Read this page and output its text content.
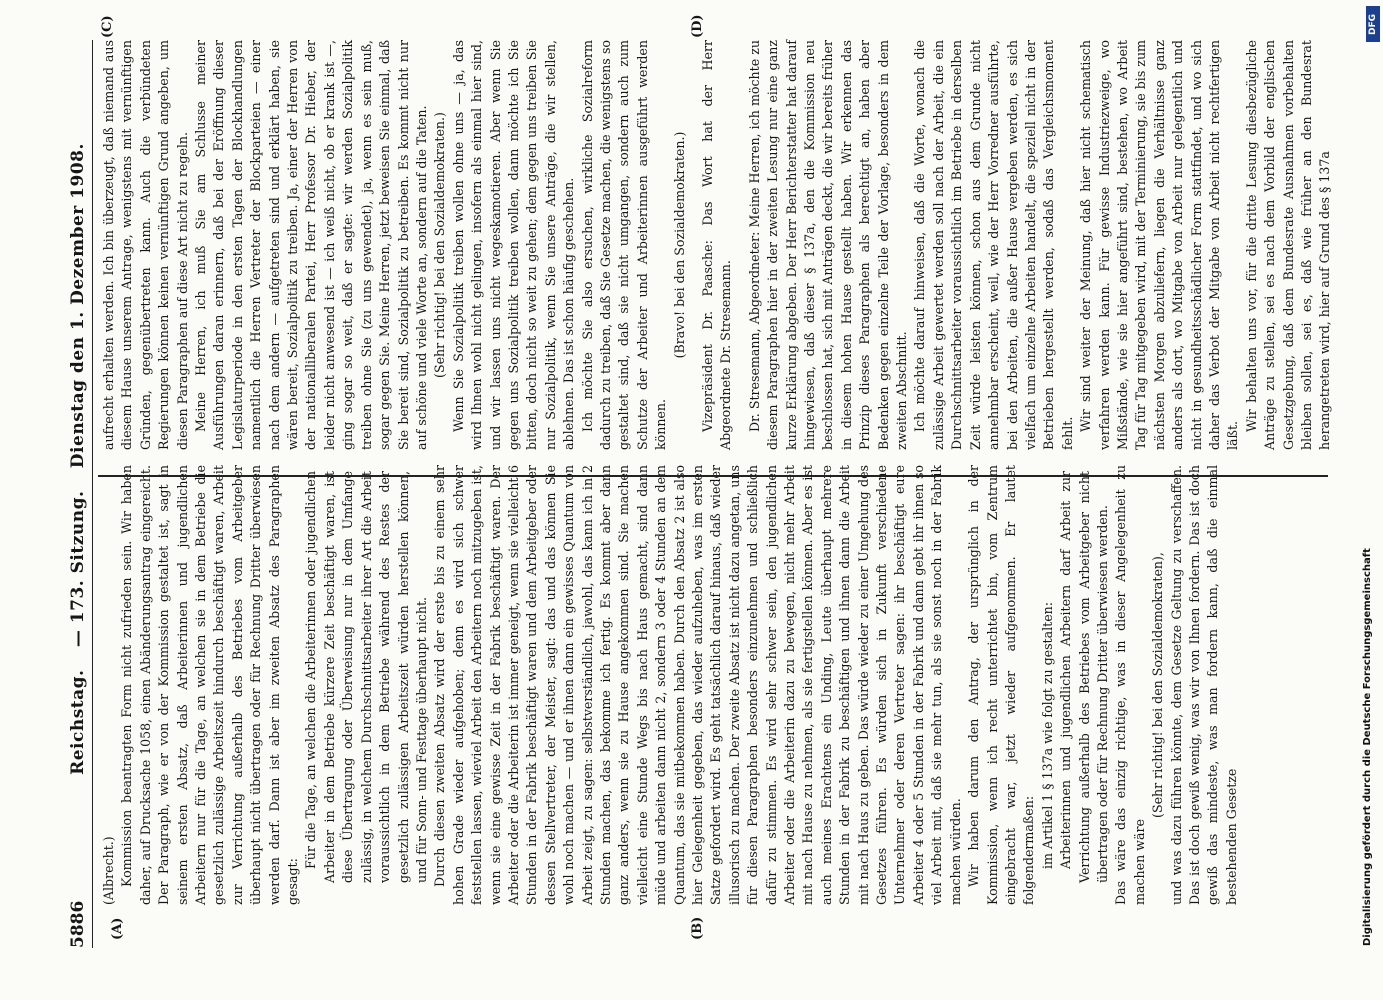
5886
Reichstag. — 173. Sitzung. Dienstag den 1. Dezember 1908.
(A)	(B)
(C)	(D)

(Albrecht.) Kommission beantragten Form nicht zufrieden sein. Wir haben daher, auf Drucksache 1058, einen Abänderungsantrag eingereicht. Der Paragraph, wie er von der Kommission gestaltet ist, sagt in seinem ersten Absatz, daß Arbeiterinnen und jugendlichen Arbeitern nur für die Tage, an welchen sie in dem Betriebe die gesetzlich zulässige Arbeitszeit hindurch beschäftigt waren, Arbeit zur Verrichtung außerhalb des Betriebes vom Arbeitgeber überhaupt nicht übertragen oder für Rechnung Dritter überwiesen werden darf. Dann ist aber im zweiten Absatz des Paragraphen gesagt:

Für die Tage, an welchen die Arbeiterinnen oder jugendlichen Arbeiter in dem Betriebe kürzere Zeit beschäftigt waren, ist diese Übertragung oder Überweisung nur in dem Umfange zulässig, in welchem Durchschnittsarbeiter ihrer Art die Arbeit voraussichtlich in dem Betriebe während des Restes der gesetzlich zulässigen Arbeitszeit würden herstellen können, und für Sonn- und Festtage überhaupt nicht. Durch diesen zweiten Absatz wird der erste bis zu einem sehr hohen Grade wieder aufgehoben; denn es wird sich schwer feststellen lassen, wieviel Arbeit den Arbeitern noch mitzugeben ist, wenn sie eine gewisse Zeit in der Fabrik beschäftigt waren. Der Arbeiter oder die Arbeiterin ist immer geneigt, wenn sie vielleicht 6 Stunden in der Fabrik beschäftigt waren und dem Arbeitgeber oder dessen Stellvertreter, der Meister, sagt: das und das können Sie wohl noch machen — und er ihnen dann ein gewisses Quantum von Arbeit zeigt, zu sagen: selbstverständlich, jawohl, das kann ich in 2 Stunden machen, das bekomme ich fertig. Es kommt aber dann ganz anders, wenn sie zu Hause angekommen sind. Sie machen vielleicht eine Stunde Wegs bis nach Haus gemacht, sind dann müde und arbeiten dann nicht 2, sondern 3 oder 4 Stunden an dem Quantum, das sie mitbekommen haben. Durch den Absatz 2 ist also hier Gelegenheit gegeben, das wieder aufzuheben, was im ersten Satze gefordert wird. Es geht tatsächlich darauf hinaus, daß wieder illusorisch zu machen. Der zweite Absatz ist nicht dazu angetan, uns für diesen Paragraphen besonders einzunehmen und schließlich dafür zu stimmen. Es wird sehr schwer sein, den jugendlichen Arbeiter oder die Arbeiterin dazu zu bewegen, nicht mehr Arbeit mit nach Hause zu nehmen, als sie fertigstellen können. Aber es ist auch meines Erachtens ein Unding, Leute überhaupt mehrere Stunden in der Fabrik zu beschäftigen und ihnen dann die Arbeit mit nach Haus zu geben. Das würde wieder zu einer Umgehung des Gesetzes führen. Es würden sich in Zukunft verschiedene Unternehmer oder deren Vertreter sagen: ihr beschäftigt eure Arbeiter 4 oder 5 Stunden in der Fabrik und dann gebt ihr ihnen so viel Arbeit mit, daß sie mehr tun, als sie sonst noch in der Fabrik machen würden. Wir haben darum den Antrag, der ursprünglich in der Kommission, wenn ich recht unterrichtet bin, vom Zentrum eingebracht war, jetzt wieder aufgenommen. Er lautet folgendermaßen: im Artikel 1 § 137a wie folgt zu gestalten: Arbeiterinnen und jugendlichen Arbeitern darf Arbeit zur Verrichtung außerhalb des Betriebes vom Arbeitgeber nicht übertragen oder für Rechnung Dritter überwiesen werden. Das wäre das einzig richtige, was in dieser Angelegenheit zu machen wäre

(Sehr richtig! bei den Sozialdemokraten), und was dazu führen könnte, dem Gesetze Geltung zu verschaffen. Das ist doch gewiß wenig, was wir von Ihnen fordern. Das ist doch gewiß das mindeste, was man fordern kann, daß die einmal bestehenden Gesetze

aufrecht erhalten werden. Ich bin überzeugt, daß niemand aus diesem Hause unserem Antrage, wenigstens mit vernünftigen Gründen, gegenübertreten kann. Auch die verbündeten Regierungen können keinen vernünftigen Grund angeben, um diesen Paragraphen auf diese Art nicht zu regeln. Meine Herren, ich muß Sie am Schlusse meiner Ausführungen daran erinnern, daß bei der Eröffnung dieser Legislaturperiode in den ersten Tagen der Blockhandlungen namentlich die Herren Vertreter der Blockparteien — einer nach dem andern — aufgetreten sind und erklärt haben, sie wären bereit, Sozialpolitik zu treiben. Ja, einer der Herren von der nationalliberalen Partei, Herr Professor Dr. Hieber, der leider nicht anwesend ist — ich weiß nicht, ob er krank ist —, ging sogar so weit, daß er sagte: wir werden Sozialpolitik treiben ohne Sie (zu uns gewendet), ja, wenn es sein muß, sogar gegen Sie. Meine Herren, jetzt beweisen Sie einmal, daß Sie bereit sind, Sozialpolitik zu betreiben. Es kommt nicht nur auf schöne und viele Worte an, sondern auf die Taten. (Sehr richtig! bei den Sozialdemokraten.) Wenn Sie Sozialpolitik treiben wollen ohne uns — ja, das wird Ihnen wohl nicht gelingen, insofern als einmal hier sind, und wir lassen uns nicht wegeskamotieren. Aber wenn Sie gegen uns Sozialpolitik treiben wollen, dann möchte ich Sie bitten, doch nicht so weit zu gehen; dem gegen uns treiben Sie nur Sozialpolitik, wenn Sie unsere Anträge, die wir stellen, ablehnen. Das ist schon häufig geschehen. Ich möchte Sie also ersuchen, wirkliche Sozialreform dadurch zu treiben, daß Sie Gesetze machen, die wenigstens so gestaltet sind, daß sie nicht umgangen, sondern auch zum Schutze der Arbeiter und Arbeiterinnen ausgeführt werden können.

(Bravo! bei den Sozialdemokraten.) Vizepräsident Dr. Paasche: Das Wort hat der Herr Abgeordnete Dr. Stresemann. Dr. Stresemann, Abgeordneter: Meine Herren, ich möchte zu diesem Paragraphen hier in der zweiten Lesung nur eine ganz kurze Erklärung abgeben. Der Herr Berichterstatter hat darauf hingewiesen, daß dieser § 137a, den die Kommission neu beschlossen hat, sich mit Anträgen deckt, die wir bereits früher in diesem hohen Hause gestellt haben. Wir erkennen das Prinzip dieses Paragraphen als berechtigt an, haben aber Bedenken gegen einzelne Teile der Vorlage, besonders in dem zweiten Abschnitt. Ich möchte darauf hinweisen, daß die Worte, wonach die zulässige Arbeit gewertet werden soll nach der Arbeit, die ein Durchschnittsarbeiter voraussichtlich im Betriebe in derselben Zeit würde leisten können, schon aus dem Grunde nicht annehmbar erscheint, weil, wie der Herr Vorredner ausführte, bei den Arbeiten, die außer Hause vergeben werden, es sich vielfach um einzelne Arbeiten handelt, die speziell nicht in der Betrieben hergestellt werden, sodaß das Vergleichsmoment fehlt.

Wir sind weiter der Meinung, daß hier nicht schematisch verfahren werden kann. Für gewisse Industriezweige, wo Mißstände, wie sie hier angeführt sind, bestehen, wo Arbeit Tag für Tag mitgegeben wird, mit der Terminierung, sie bis zum nächsten Morgen abzuliefern, liegen die Verhältnisse ganz anders als dort, wo Mitgabe von Arbeit nur gelegentlich und nicht in gesundheitsschädlicher Form stattfindet, und wo sich daher das Verbot der Mitgabe von Arbeit nicht rechtfertigen läßt.

Wir behalten uns vor, für die dritte Lesung diesbezügliche Anträge zu stellen, sei es nach dem Vorbild der englischen Gesetzgebung, daß dem Bundesrate Ausnahmen vorbehalten bleiben sollen, sei es, daß wie früher an den Bundesrat herangetreten wird, hier auf Grund des § 137a

DFG
Digitalisierung gefördert durch die Deutsche Forschungsgemeinschaft
